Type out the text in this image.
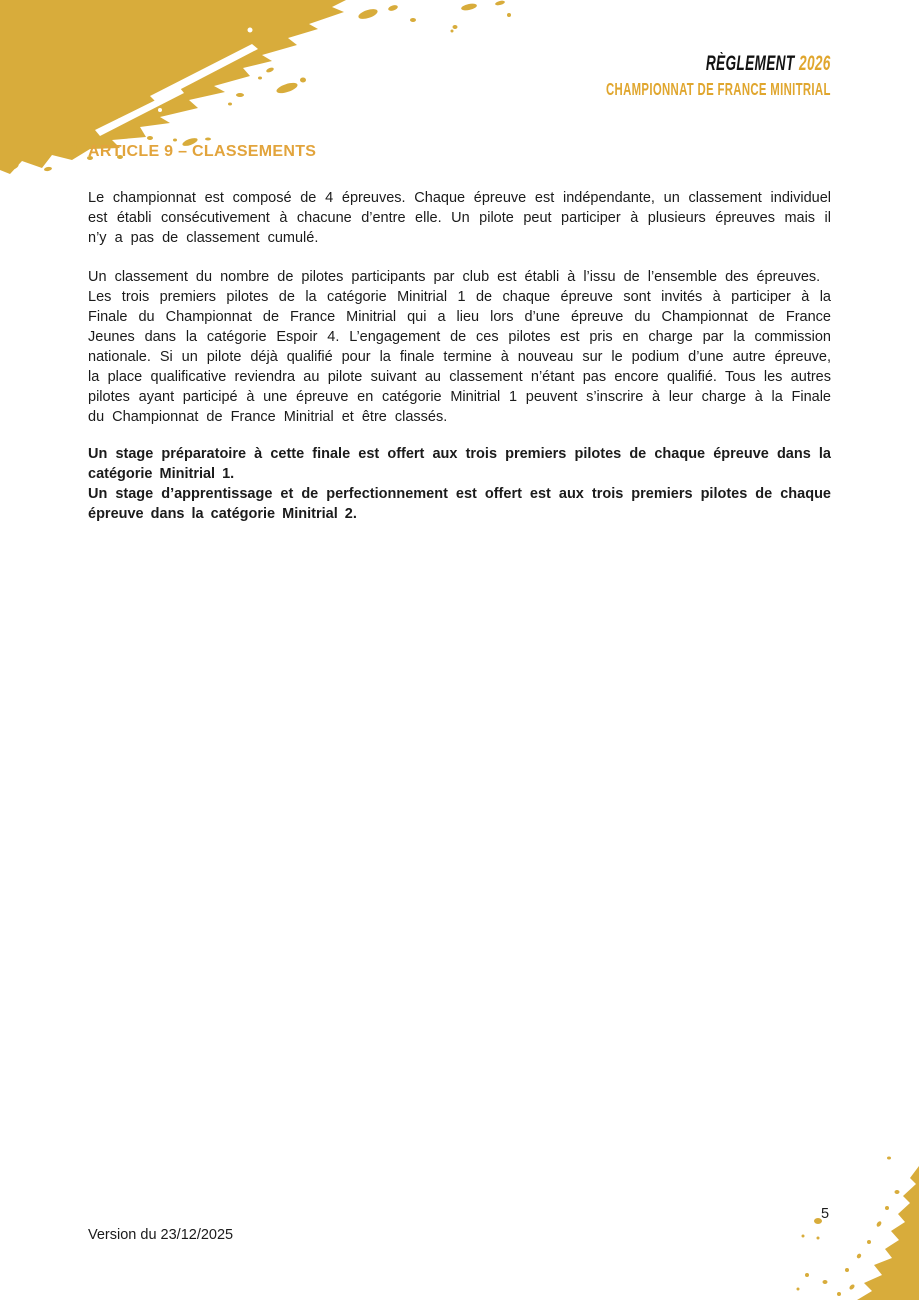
RÈGLEMENT 2026
CHAMPIONNAT DE FRANCE MINITRIAL
ARTICLE 9 – CLASSEMENTS

Le championnat est composé de 4 épreuves. Chaque épreuve est indépendante, un classement individuel est établi consécutivement à chacune d’entre elle. Un pilote peut participer à plusieurs épreuves mais il n’y a pas de classement cumulé.

Un classement du nombre de pilotes participants par club est établi à l’issu de l’ensemble des épreuves.

Les trois premiers pilotes de la catégorie Minitrial 1 de chaque épreuve sont invités à participer à la Finale du Championnat de France Minitrial qui a lieu lors d’une épreuve du Championnat de France Jeunes dans la catégorie Espoir 4. L’engagement de ces pilotes est pris en charge par la commission nationale. Si un pilote déjà qualifié pour la finale termine à nouveau sur le podium d’une autre épreuve, la place qualificative reviendra au pilote suivant au classement n’étant pas encore qualifié. Tous les autres pilotes ayant participé à une épreuve en catégorie Minitrial 1 peuvent s’inscrire à leur charge à la Finale du Championnat de France Minitrial et être classés.

Un stage préparatoire à cette finale est offert aux trois premiers pilotes de chaque épreuve dans la catégorie Minitrial 1.

Un stage d’apprentissage et de perfectionnement est offert est aux trois premiers pilotes de chaque épreuve dans la catégorie Minitrial 2.

Version du 23/12/2025
5
